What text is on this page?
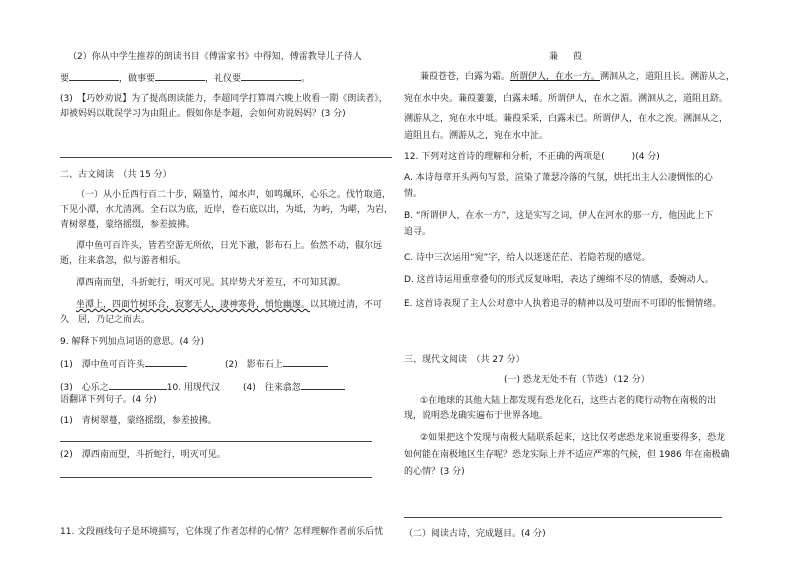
（2）你从中学生推荐的朗读书目《傅雷家书》中得知，傅雷教导儿子待人
要	，做事要	，礼仪要	。
(3)　【巧妙劝说】为了提高朗读能力，李超同学打算周六晚上收看一期《朗读者》，
却被妈妈以耽误学习为由阻止。假如你是李超，会如何劝说妈妈？(3 分)
二、古文阅读　（共 15 分）
（一）从小丘西行百二十步，隔篁竹，闻水声，如鸣珮环，心乐之。伐竹取道，
下见小潭，水尤清冽。全石以为底，近岸，卷石底以出，为坻，为屿，为嵁，为岩，
青树翠蔓，蒙络摇缀，参差披拂。
潭中鱼可百许头，皆若空游无所依，日光下澈，影布石上。佁然不动，俶尔远
逝，往来翕忽，似与游者相乐。
潭西南而望，斗折蛇行，明灭可见。其岸势犬牙差互，不可知其源。
坐潭上，四面竹树环合，寂寥无人，凄神寒骨，悄怆幽邃。以其境过清，不可
久　居，乃记之而去。
9. 解释下列加点词语的意思。(4 分)
(1)　潭中鱼可百许头	(2)　影布石上
(3)　心乐之	10. 用现代汉	(4)　往来翕忽
语翻译下列句子。(4 分)
(1)　青树翠蔓，蒙络摇缀，参差披拂。
(2)　潭西南而望，斗折蛇行，明灭可见。
11. 文段画线句子是环境描写，它体现了作者怎样的心情？怎样理解作者前乐后忧
蒹　葭
蒹葭苍苍，白露为霜。所谓伊人，在水一方。溯洄从之，道阻且长。溯游从之，
宛在水中央。蒹葭萋萋，白露未晞。所谓伊人，在水之湄。溯洄从之，道阻且跻。
溯游从之，宛在水中坻。蒹葭采采，白露未已。所谓伊人，在水之涘。溯洄从之，
道阻且右。溯游从之，宛在水中沚。
12. 下列对这首诗的理解和分析，不正确的两项是(　　　)(4 分)
A. 本诗每章开头两句写景，渲染了萧瑟冷落的气氛，烘托出主人公凄惆怅的心
情。
B. “所谓伊人，在水一方”，这是实写之词，伊人在河水的那一方，他因此上下
追寻。
C. 诗中三次运用“宛”字，给人以迷迷茫茫、若隐若现的感觉。
D. 这首诗运用重章叠句的形式反复咏唱，表达了缠绵不尽的情感，委婉动人。
E. 这首诗表现了主人公对意中人执着追寻的精神以及可望而不可即的怅惘情绪。
三、现代文阅读　（共 27 分）
(一) 恐龙无处不有（节选）（12 分）
①在地球的其他大陆上都发现有恐龙化石，这些古老的爬行动物在南极的出
现，说明恐龙确实遍布于世界各地。
②如果把这个发现与南极大陆联系起来，这比仅考虑恐龙来说重要得多，恐龙
如何能在南极地区生存呢？恐龙实际上并不适应严寒的气候，但 1986 年在南极确
的心情？(3 分)
（二）阅读古诗，完成题目。(4 分)
